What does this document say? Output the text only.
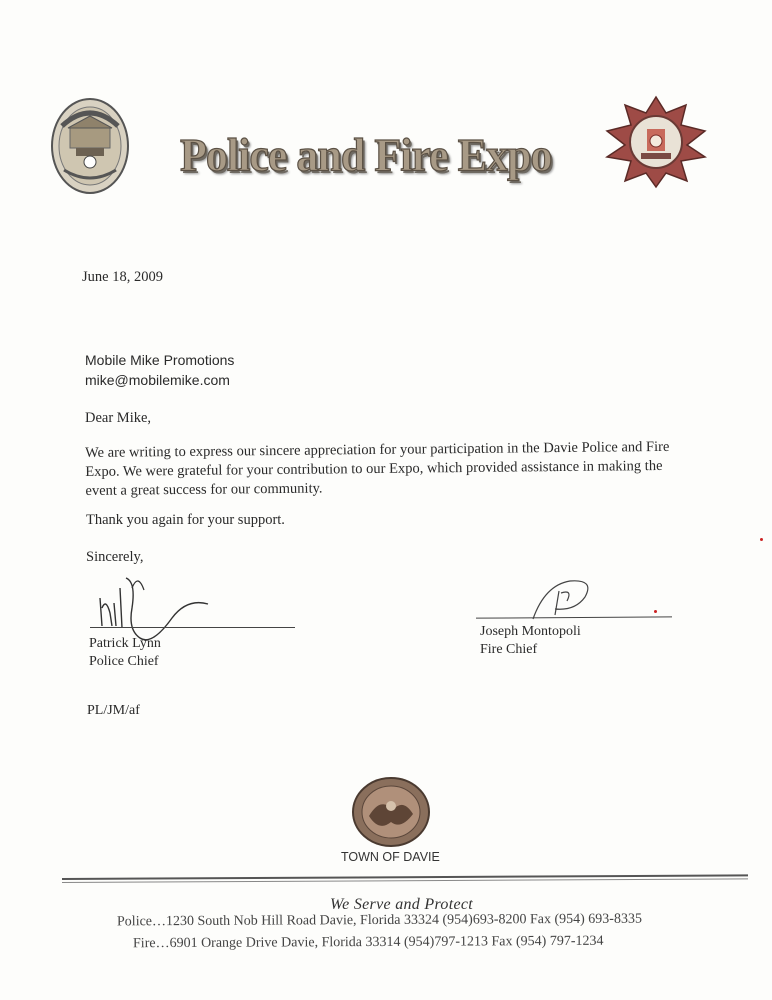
Police and Fire Expo
June 18, 2009
Mobile Mike Promotions
mike@mobilemike.com
Dear Mike,
We are writing to express our sincere appreciation for your participation in the Davie Police and Fire
Expo. We were grateful for your contribution to our Expo, which provided assistance in making the
event a great success for our community.
Thank you again for your support.
Sincerely,
Patrick Lynn
Police Chief
Joseph Montopoli
Fire Chief
PL/JM/af
TOWN OF DAVIE
We Serve and Protect
Police…1230 South Nob Hill Road Davie, Florida 33324 (954)693-8200 Fax (954) 693-8335
Fire…6901 Orange Drive Davie, Florida 33314 (954)797-1213 Fax (954) 797-1234
